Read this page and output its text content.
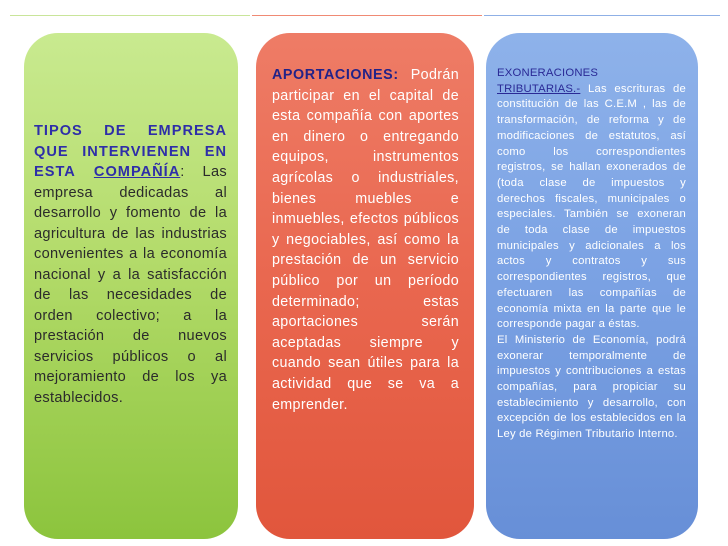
TIPOS DE EMPRESA QUE INTERVIENEN EN ESTA COMPAÑÍA: Las empresa dedicadas al desarrollo y fomento de la agricultura de las industrias convenientes a la economía nacional y a la satisfacción de las necesidades de orden colectivo; a la prestación de nuevos servicios públicos o al mejoramiento de los ya establecidos.
APORTACIONES: Podrán participar en el capital de esta compañía con aportes en dinero o entregando equipos, instrumentos agrícolas o industriales, bienes muebles e inmuebles, efectos públicos y negociables, así como la prestación de un servicio público por un período determinado; estas aportaciones serán aceptadas siempre y cuando sean útiles para la actividad que se va a emprender.
EXONERACIONES
TRIBUTARIAS.- Las escrituras de constitución de las C.E.M , las de transformación, de reforma y de modificaciones de estatutos, así como los correspondientes registros, se hallan exonerados de (toda clase de impuestos y derechos fiscales, municipales o especiales. También se exoneran de toda clase de impuestos municipales y adicionales a los actos y contratos y sus correspondientes registros, que efectuaren las compañías de economía mixta en la parte que le corresponde pagar a éstas.
El Ministerio de Economía, podrá exonerar temporalmente de impuestos y contribuciones a estas compañías, para propiciar su establecimiento y desarrollo, con excepción de los establecidos en la Ley de Régimen Tributario Interno.
